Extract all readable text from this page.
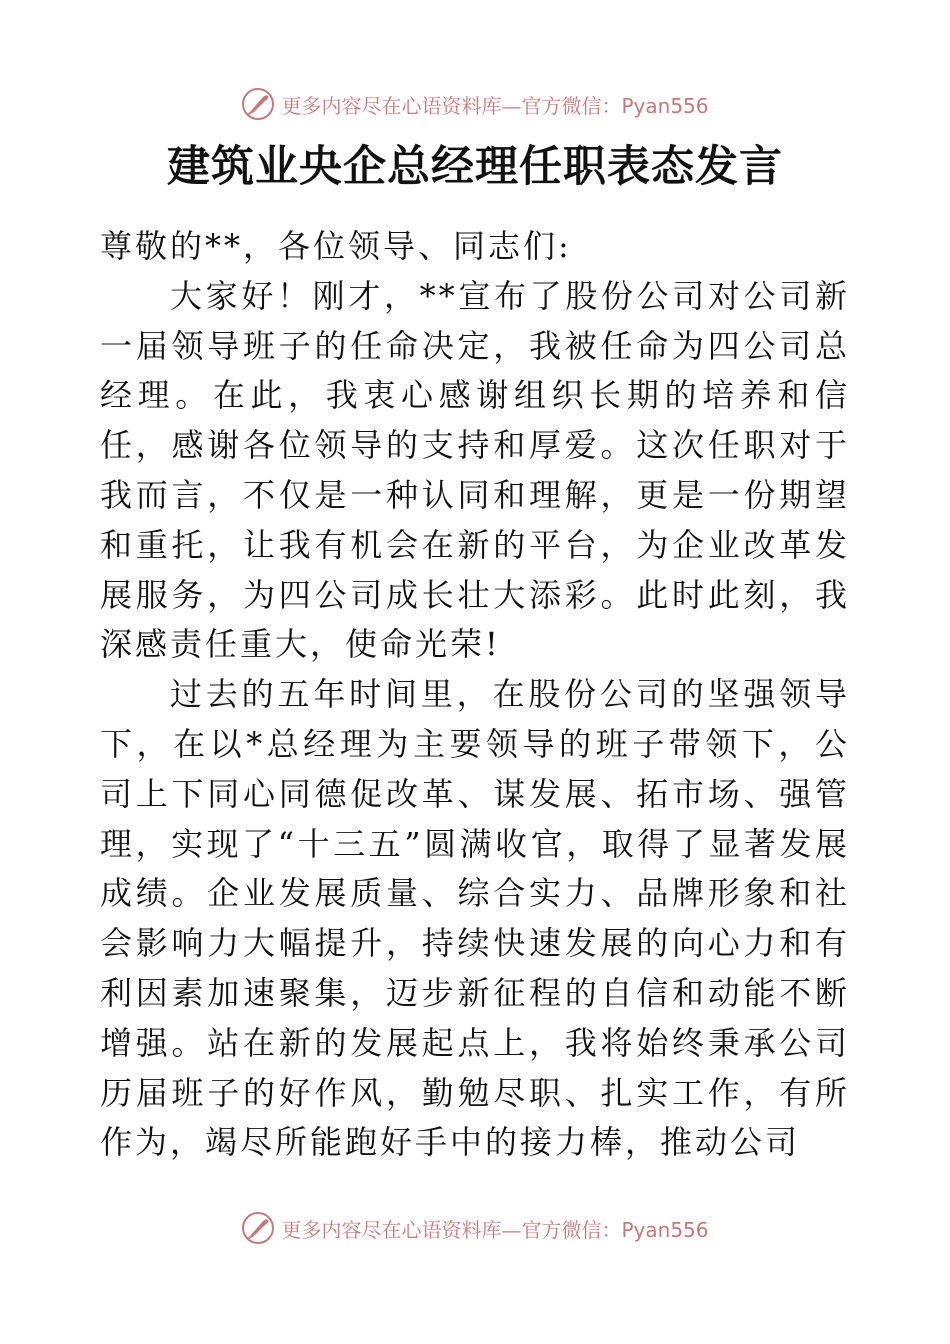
更多内容尽在心语资料库—官方微信：Pyan556
建筑业央企总经理任职表态发言

尊敬的**，各位领导、同志们:

大家好！刚才，**宣布了股份公司对公司新一届领导班子的任命决定，我被任命为四公司总经理。在此，我衷心感谢组织长期的培养和信任，感谢各位领导的支持和厚爱。这次任职对于我而言，不仅是一种认同和理解，更是一份期望和重托，让我有机会在新的平台，为企业改革发展服务，为四公司成长壮大添彩。此时此刻，我深感责任重大，使命光荣!

过去的五年时间里，在股份公司的坚强领导下，在以*总经理为主要领导的班子带领下，公司上下同心同德促改革、谋发展、拓市场、强管理，实现了“十三五”圆满收官，取得了显著发展成绩。企业发展质量、综合实力、品牌形象和社会影响力大幅提升，持续快速发展的向心力和有利因素加速聚集，迈步新征程的自信和动能不断增强。站在新的发展起点上，我将始终秉承公司历届班子的好作风，勤勉尽职、扎实工作，有所作为，竭尽所能跑好手中的接力棒，推动公司

更多内容尽在心语资料库—官方微信：Pyan556
